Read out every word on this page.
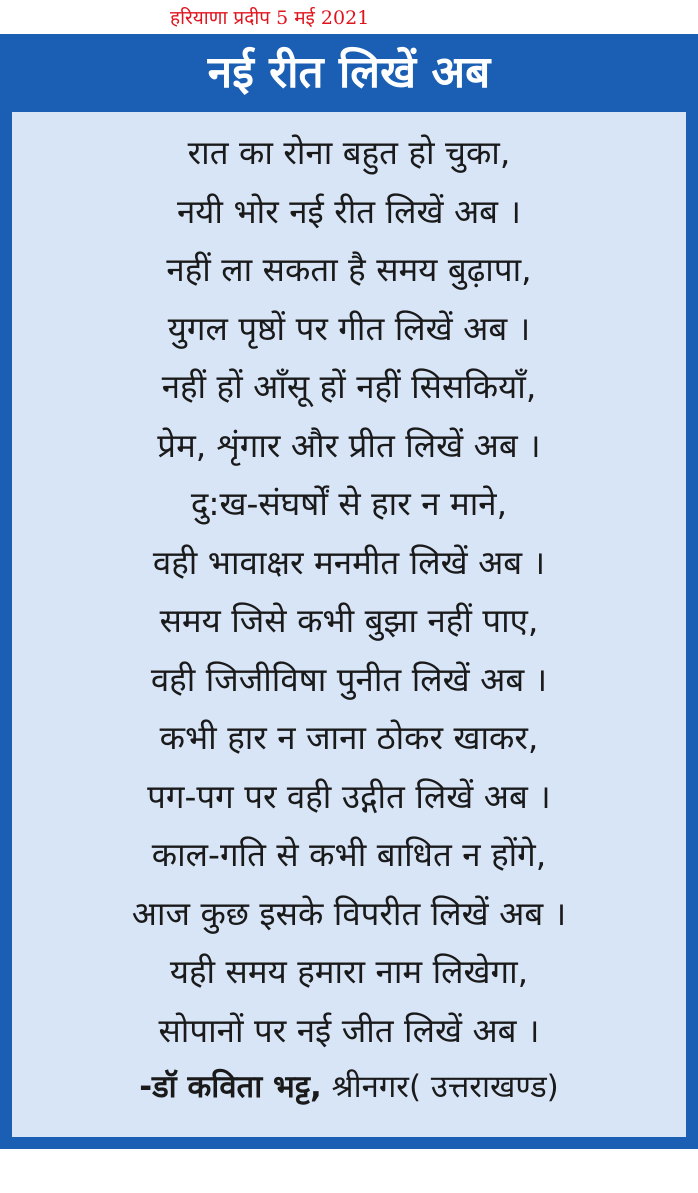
हरियाणा प्रदीप 5 मई 2021
नई रीत लिखें अब
रात का रोना बहुत हो चुका,
नयी भोर नई रीत लिखें अब ।
नहीं ला सकता है समय बुढ़ापा,
युगल पृष्ठों पर गीत लिखें अब ।
नहीं हों आँसू हों नहीं सिसकियाँ,
प्रेम, शृंगार और प्रीत लिखें अब ।
दु:ख-संघर्षों से हार न माने,
वही भावाक्षर मनमीत लिखें अब ।
समय जिसे कभी बुझा नहीं पाए,
वही जिजीविषा पुनीत लिखें अब ।
कभी हार न जाना ठोकर खाकर,
पग-पग पर वही उद्गीत लिखें अब ।
काल-गति से कभी बाधित न होंगे,
आज कुछ इसके विपरीत लिखें अब ।
यही समय हमारा नाम लिखेगा,
सोपानों पर नई जीत लिखें अब ।
-डॉ कविता भट्ट, श्रीनगर( उत्तराखण्ड)
